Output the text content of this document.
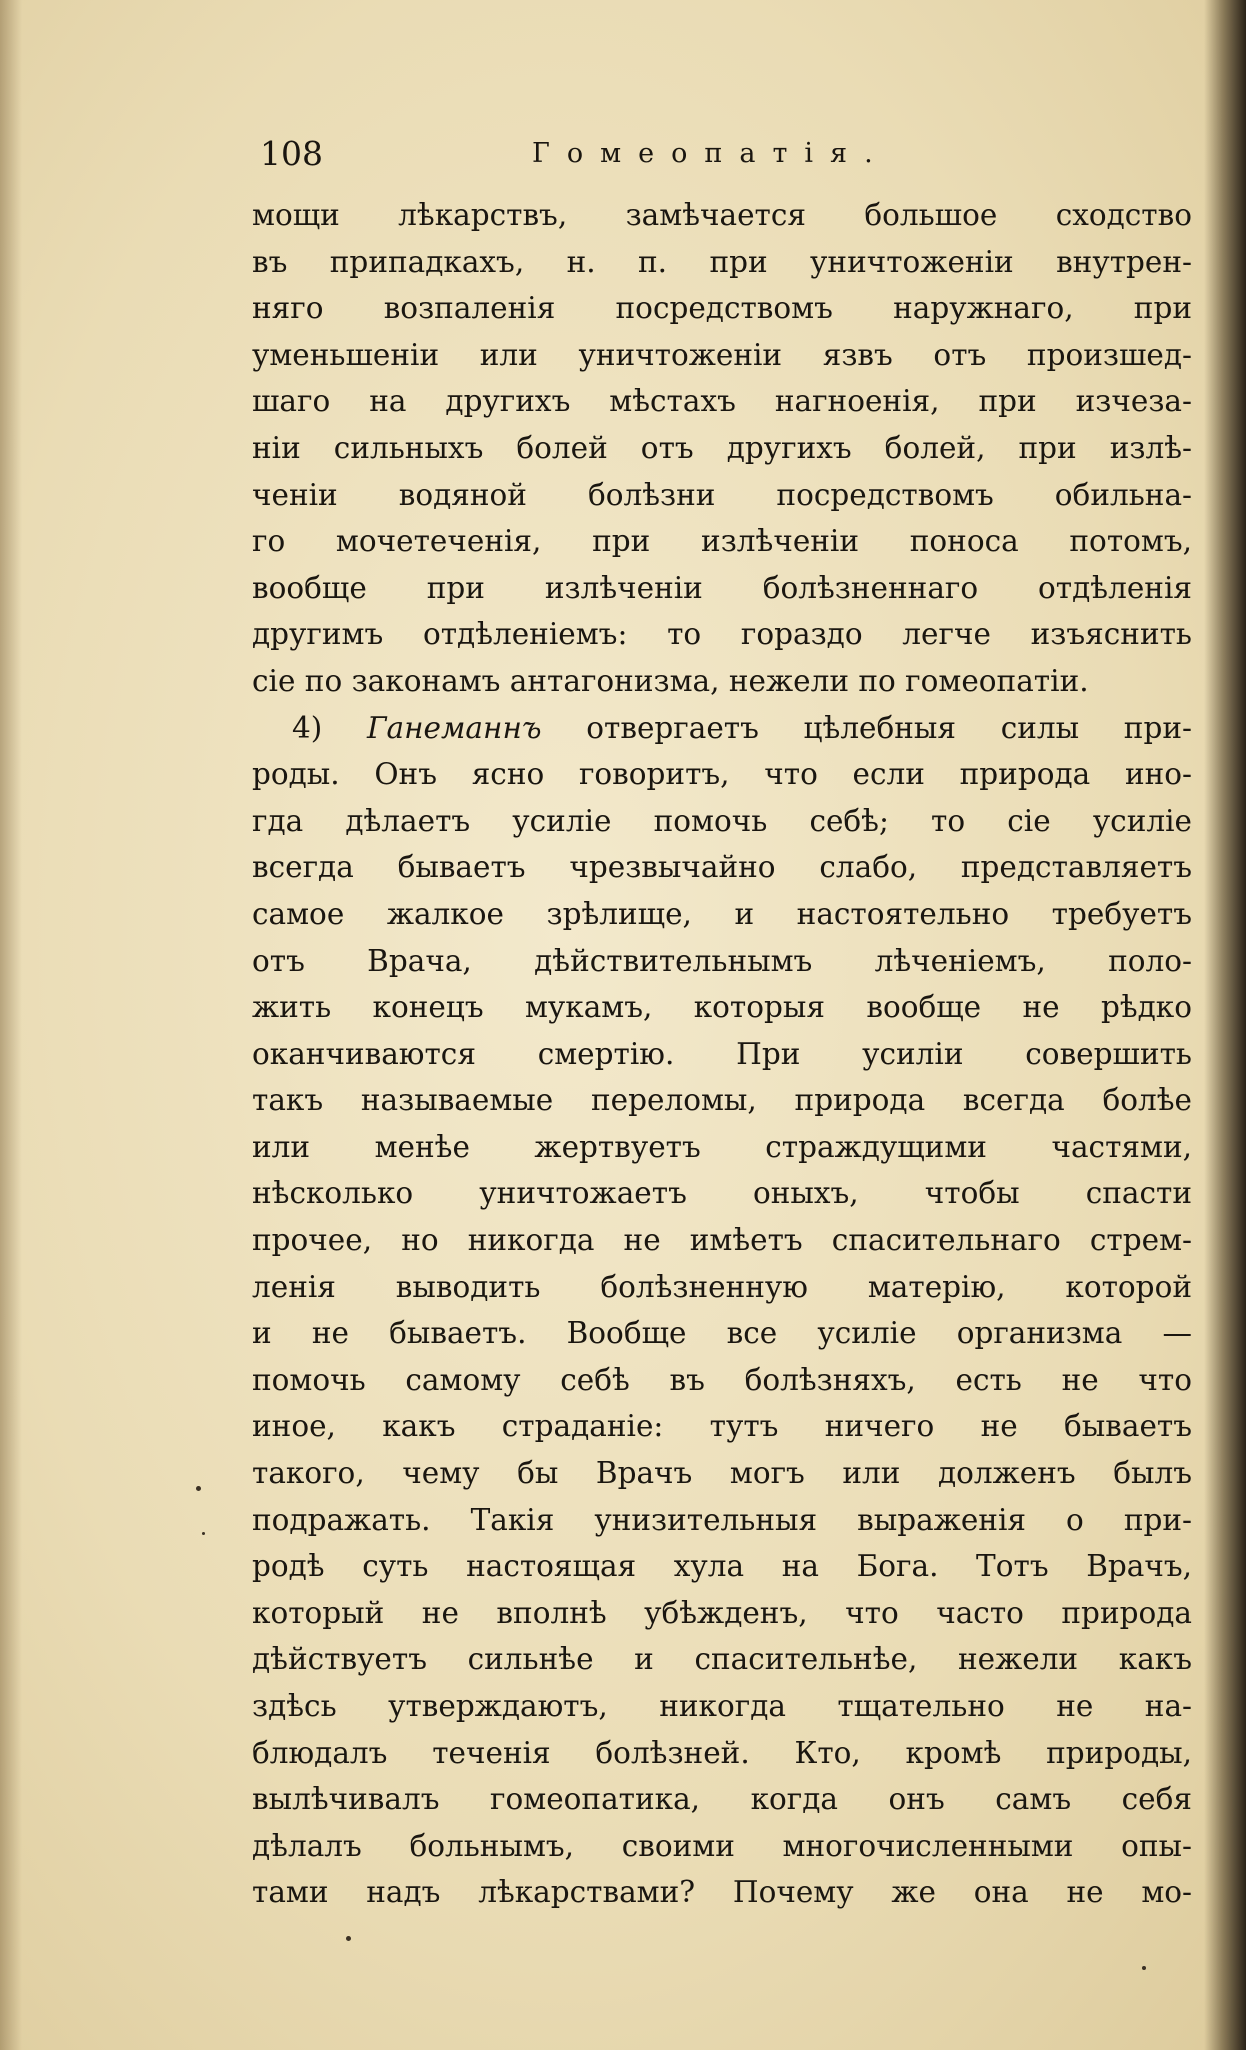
108	Гомеопатія.
мощи лѣкарствъ, замѣчается большое сходство
въ припадкахъ, н. п. при уничтоженіи внутрен-
няго возпаленія посредствомъ наружнаго, при
уменьшеніи или уничтоженіи язвъ отъ произшед-
шаго на другихъ мѣстахъ нагноенія, при изчеза-
ніи сильныхъ болей отъ другихъ болей, при излѣ-
ченіи водяной болѣзни посредствомъ обильна-
го мочетеченія, при излѣченіи поноса потомъ,
вообще при излѣченіи болѣзненнаго отдѣленія
другимъ отдѣленіемъ: то гораздо легче изъяснить
сіе по законамъ антагонизма, нежели по гомеопатіи.
4) Ганеманнъ отвергаетъ цѣлебныя силы при-
роды. Онъ ясно говоритъ, что если природа ино-
гда дѣлаетъ усиліе помочь себѣ; то сіе усиліе
всегда бываетъ чрезвычайно слабо, представляетъ
самое жалкое зрѣлище, и настоятельно требуетъ
отъ Врача, дѣйствительнымъ лѣченіемъ, поло-
жить конецъ мукамъ, которыя вообще не рѣдко
оканчиваются смертію. При усиліи совершить
такъ называемые переломы, природа всегда болѣе
или менѣе жертвуетъ страждущими частями,
нѣсколько уничтожаетъ оныхъ, чтобы спасти
прочее, но никогда не имѣетъ спасительнаго стрем-
ленія выводить болѣзненную матерію, которой
и не бываетъ. Вообще все усиліе организма —
помочь самому себѣ въ болѣзняхъ, есть не что
иное, какъ страданіе: тутъ ничего не бываетъ
такого, чему бы Врачъ могъ или долженъ былъ
подражать. Такія унизительныя выраженія о при-
родѣ суть настоящая хула на Бога. Тотъ Врачъ,
который не вполнѣ убѣжденъ, что часто природа
дѣйствуетъ сильнѣе и спасительнѣе, нежели какъ
здѣсь утверждаютъ, никогда тщательно не на-
блюдалъ теченія болѣзней. Кто, кромѣ природы,
вылѣчивалъ гомеопатика, когда онъ самъ себя
дѣлалъ больнымъ, своими многочисленными опы-
тами надъ лѣкарствами? Почему же она не мо-
